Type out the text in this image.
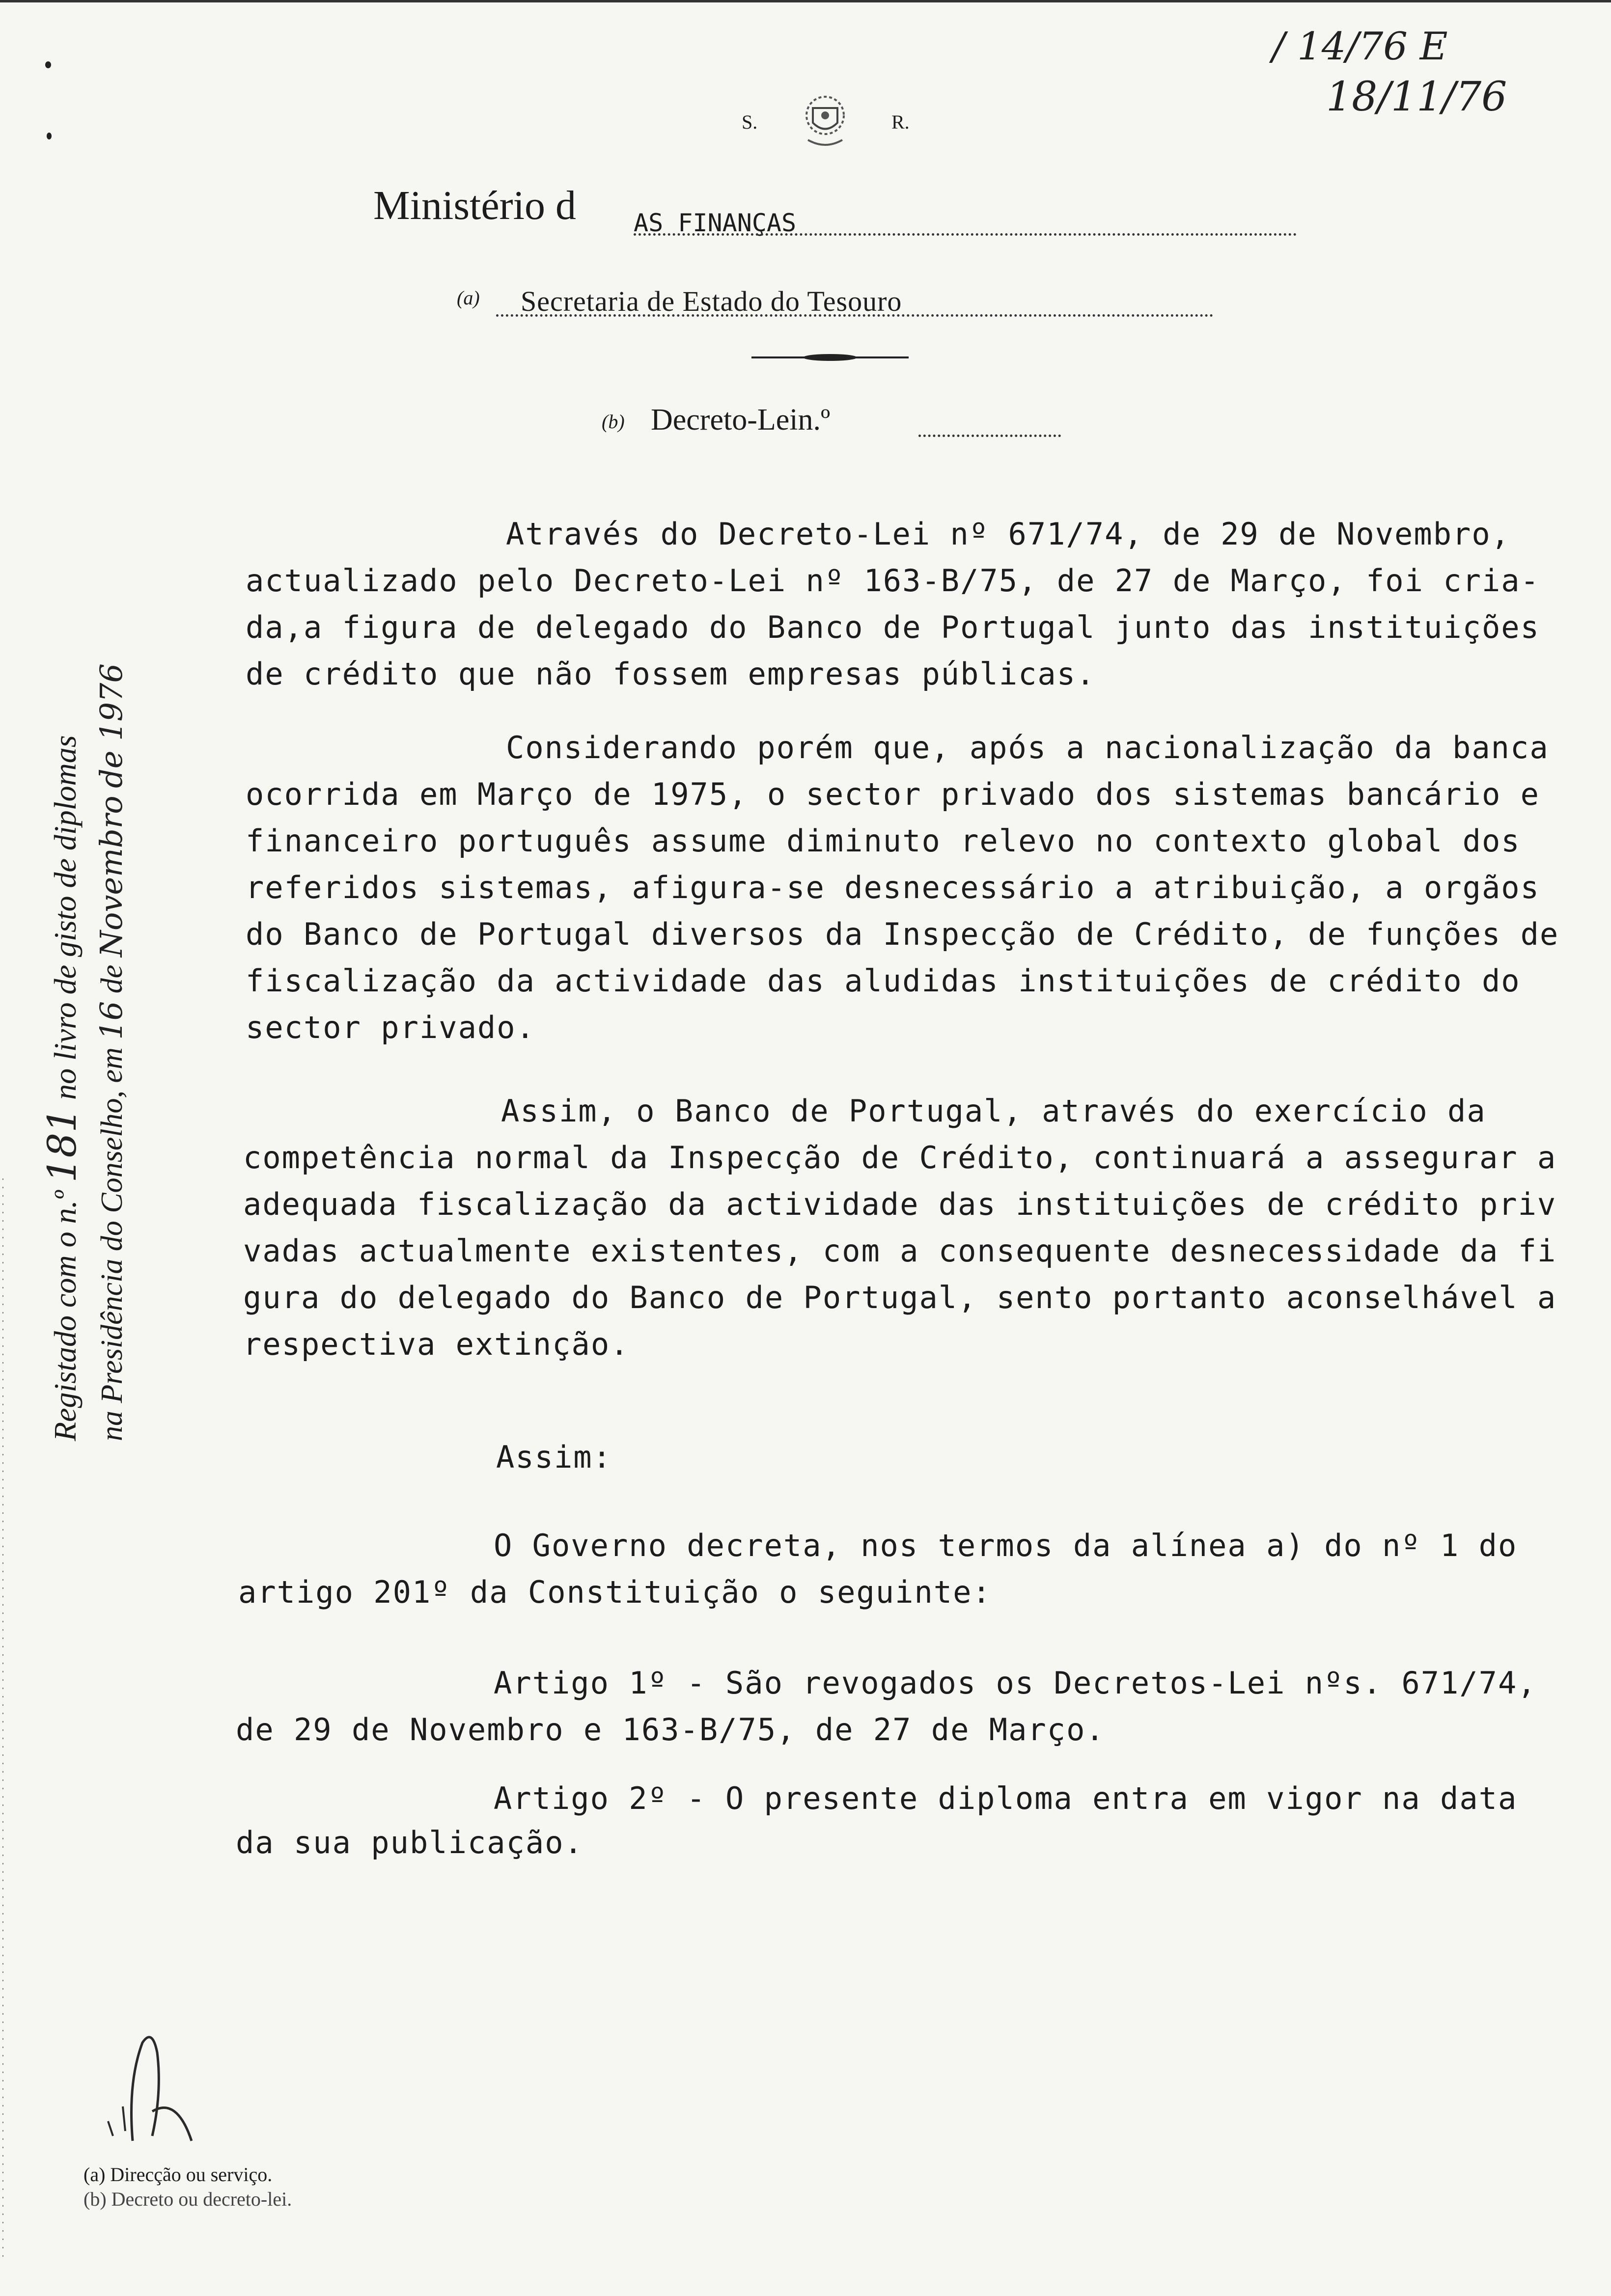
/ 14/76 E
18/11/76
S.	R.
Ministério d AS FINANÇAS
(a) Secretaria de Estado do Tesouro
(b) Decreto-Lein.º
Registado com o n.º 181 no livro de gisto de diplomas
na Presidência do Conselho, em 16 de Novembro de 1976
Através do Decreto-Lei nº 671/74, de 29 de Novembro,
actualizado pelo Decreto-Lei nº 163-B/75, de 27 de Março, foi cria-
da,a figura de delegado do Banco de Portugal junto das instituições
de crédito que não fossem empresas públicas.
Considerando porém que, após a nacionalização da banca
ocorrida em Março de 1975, o sector privado dos sistemas bancário e
financeiro português assume diminuto relevo no contexto global dos
referidos sistemas, afigura-se desnecessário a atribuição, a orgãos
do Banco de Portugal diversos da Inspecção de Crédito, de funções de
fiscalização da actividade das aludidas instituições de crédito do
sector privado.
Assim, o Banco de Portugal, através do exercício da
competência normal da Inspecção de Crédito, continuará a assegurar a
adequada fiscalização da actividade das instituições de crédito priv
vadas actualmente existentes, com a consequente desnecessidade da fi
gura do delegado do Banco de Portugal, sento portanto aconselhável a
respectiva extinção.
Assim:
O Governo decreta, nos termos da alínea a) do nº 1 do
artigo 201º da Constituição o seguinte:
Artigo 1º - São revogados os Decretos-Lei nºs. 671/74,
de 29 de Novembro e 163-B/75, de 27 de Março.
Artigo 2º - O presente diploma entra em vigor na data
da sua publicação.
(a) Direcção ou serviço.
(b) Decreto ou decreto-lei.
